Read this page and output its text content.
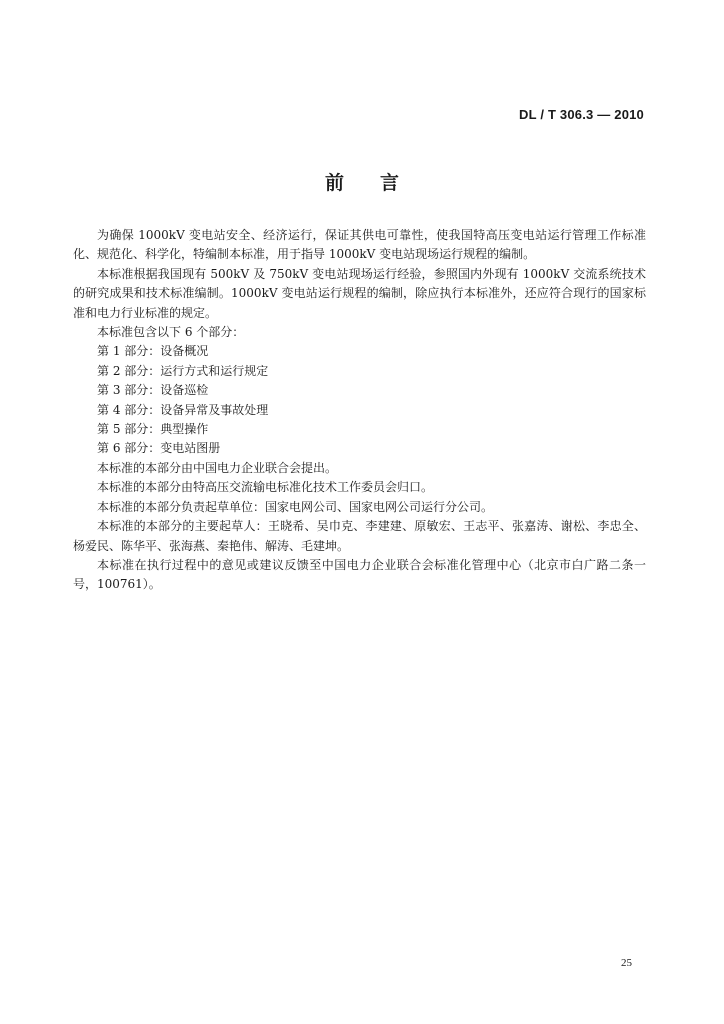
DL / T 306.3 — 2010
前言

为确保 1000kV 变电站安全、经济运行，保证其供电可靠性，使我国特高压变电站运行管理工作标准化、规范化、科学化，特编制本标准，用于指导 1000kV 变电站现场运行规程的编制。

本标准根据我国现有 500kV 及 750kV 变电站现场运行经验，参照国内外现有 1000kV 交流系统技术的研究成果和技术标准编制。1000kV 变电站运行规程的编制，除应执行本标准外，还应符合现行的国家标准和电力行业标准的规定。

本标准包含以下 6 个部分：

第 1 部分：设备概况

第 2 部分：运行方式和运行规定

第 3 部分：设备巡检

第 4 部分：设备异常及事故处理

第 5 部分：典型操作

第 6 部分：变电站图册

本标准的本部分由中国电力企业联合会提出。

本标准的本部分由特高压交流输电标准化技术工作委员会归口。

本标准的本部分负责起草单位：国家电网公司、国家电网公司运行分公司。

本标准的本部分的主要起草人：王晓希、吴巾克、李建建、原敏宏、王志平、张嘉涛、谢松、李忠全、杨爱民、陈华平、张海燕、秦艳伟、解涛、毛建坤。

本标准在执行过程中的意见或建议反馈至中国电力企业联合会标准化管理中心（北京市白广路二条一号，100761）。

25
